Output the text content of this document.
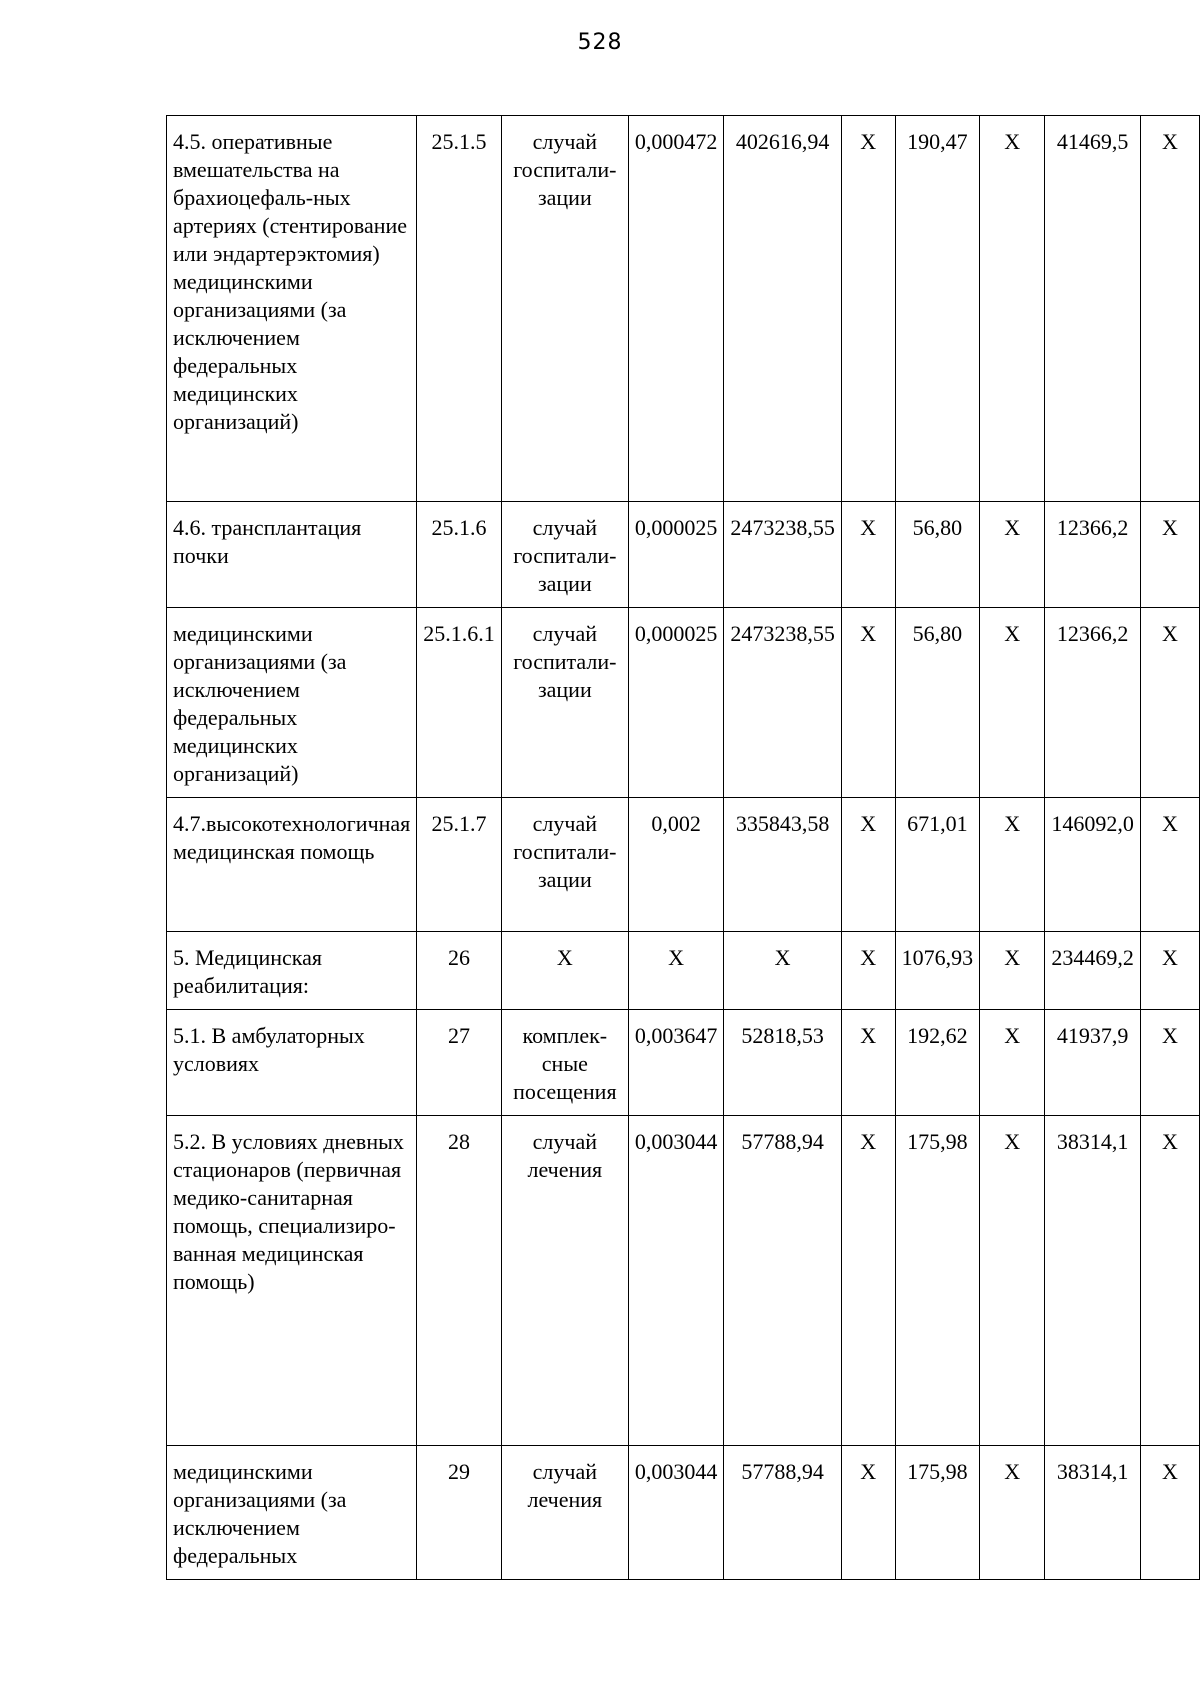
528
4.5. оперативные вмешательства на брахиоцефаль-ных артериях (стентирование или эндартерэктомия) медицинскими организациями (за исключением федеральных медицинских организаций)	25.1.5	случай госпитали-зации	0,000472	402616,94	Х	190,47	Х	41469,5	Х
4.6. трансплантация почки	25.1.6	случай госпитали-зации	0,000025	2473238,55	Х	56,80	Х	12366,2	Х
медицинскими организациями (за исключением федеральных медицинских организаций)	25.1.6.1	случай госпитали-зации	0,000025	2473238,55	Х	56,80	Х	12366,2	Х
4.7.высокотехнологичная медицинская помощь	25.1.7	случай госпитали-зации	0,002	335843,58	Х	671,01	Х	146092,0	Х
5. Медицинская реабилитация:	26	Х	Х	Х	Х	1076,93	Х	234469,2	Х
5.1. В амбулаторных условиях	27	комплек-сные посещения	0,003647	52818,53	Х	192,62	Х	41937,9	Х
5.2. В условиях дневных стационаров (первичная медико-санитарная помощь, специализиро-ванная медицинская помощь)	28	случай лечения	0,003044	57788,94	Х	175,98	Х	38314,1	Х
медицинскими организациями (за исключением федеральных	29	случай лечения	0,003044	57788,94	Х	175,98	Х	38314,1	Х
